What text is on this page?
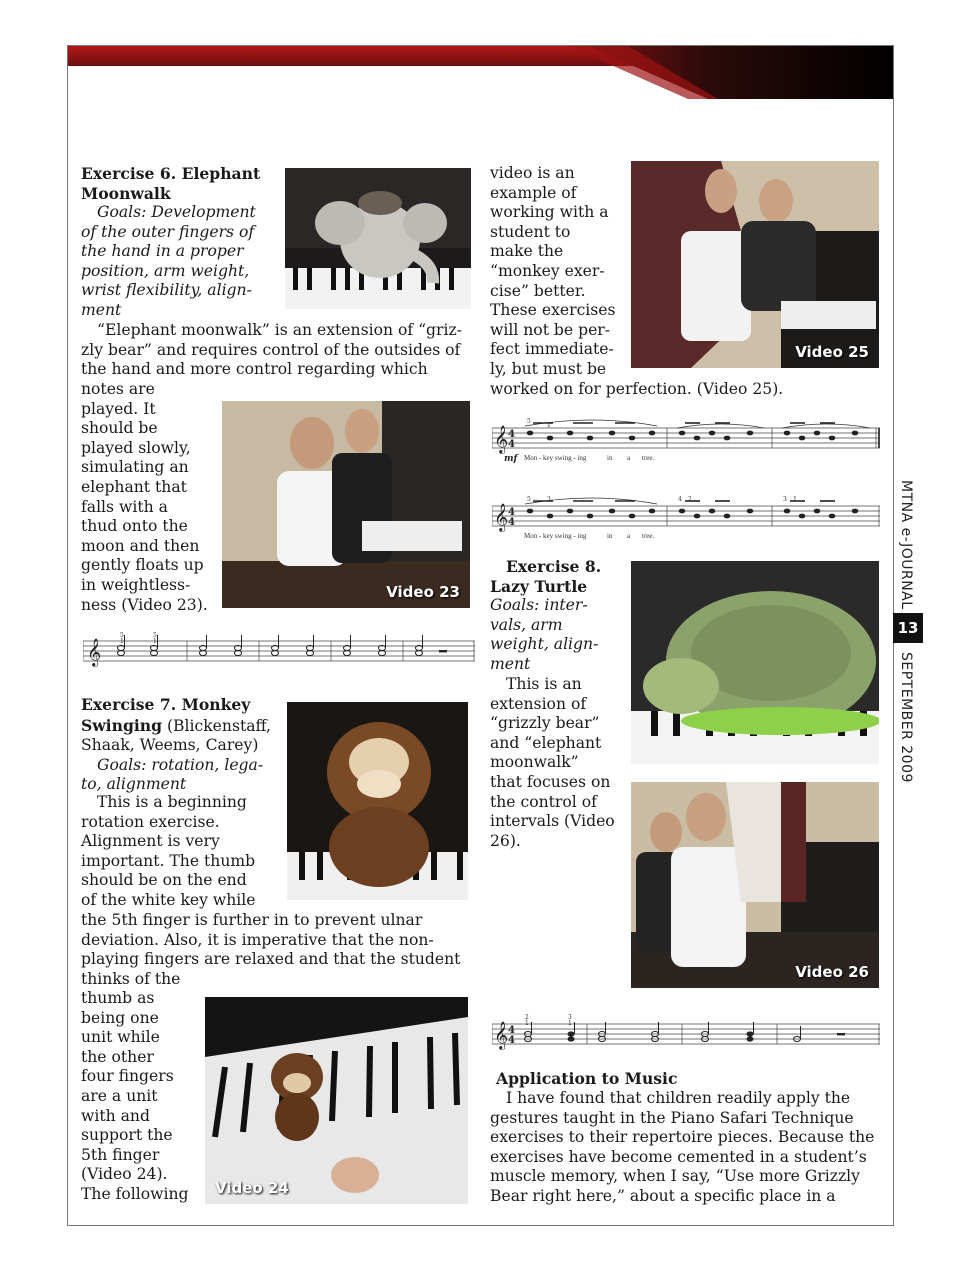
Exercise 6. Elephant

Moonwalk

Goals: Development

of the outer fingers of

the hand in a proper

position, arm weight,

wrist flexibility, align-

ment

“Elephant moonwalk” is an extension of “griz-

zly bear” and requires control of the outsides of

the hand and more control regarding which

notes are

played. It

should be

played slowly,

simulating an

elephant that

falls with a

thud onto the

moon and then

gently floats up

in weightless-

ness (Video 23).

Video 23
𝄞
5
1
5
1

Exercise 7. Monkey

Swinging (Blickenstaff,

Shaak, Weems, Carey)

Goals: rotation, lega-

to, alignment

This is a beginning

rotation exercise.

Alignment is very

important. The thumb

should be on the end

of the white key while

the 5th finger is further in to prevent ulnar

deviation. Also, it is imperative that the non-

playing fingers are relaxed and that the student

thinks of the

thumb as

being one

unit while

the other

four fingers

are a unit

with and

support the

5th finger

(Video 24).

The following	Video 24

video is an

example of

working with a

student to

make the

“monkey exer-

cise” better.

These exercises

will not be per-

fect immediate-

ly, but must be

worked on for perfection. (Video 25).

Video 25
𝄞 4
4
5
1
mf Mon - key swing - ing	in a tree.
𝄞 4
4
5	3	4 2	3 1
Mon - key swing - ing	in a tree.

Exercise 8.

Lazy Turtle

Goals: inter-

vals, arm

weight, align-

ment

This is an

extension of

“grizzly bear”

and “elephant

moonwalk”

that focuses on

the control of

intervals (Video

26).

Video 26
𝄞 4
4
2
1
3
1

Application to Music

I have found that children readily apply the

gestures taught in the Piano Safari Technique

exercises to their repertoire pieces. Because the

exercises have become cemented in a student’s

muscle memory, when I say, “Use more Grizzly

Bear right here,” about a specific place in a

MTNA e-JOURNAL
13
SEPTEMBER 2009
